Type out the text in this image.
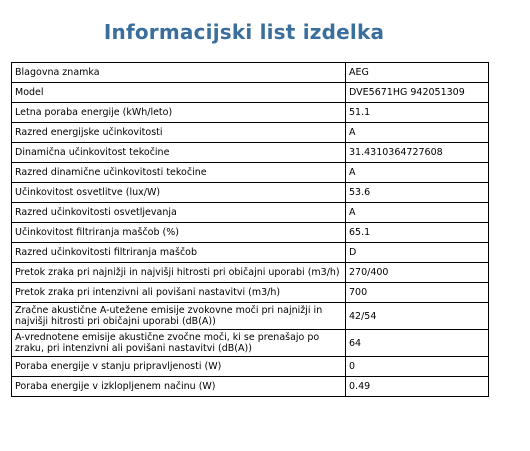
Informacijski list izdelka
Blagovna znamka	AEG
Model	DVE5671HG 942051309
Letna poraba energije (kWh/leto)	51.1
Razred energijske učinkovitosti	A
Dinamična učinkovitost tekočine	31.4310364727608
Razred dinamične učinkovitosti tekočine	A
Učinkovitost osvetlitve (lux/W)	53.6
Razred učinkovitosti osvetljevanja	A
Učinkovitost filtriranja maščob (%)	65.1
Razred učinkovitosti filtriranja maščob	D
Pretok zraka pri najnižji in najvišji hitrosti pri običajni uporabi (m3/h)	270/400
Pretok zraka pri intenzivni ali povišani nastavitvi (m3/h)	700
Zračne akustične A-utežene emisije zvokovne moči pri najnižji in najvišji hitrosti pri običajni uporabi (dB(A))	42/54
A-vrednotene emisije akustične zvočne moči, ki se prenašajo po zraku, pri intenzivni ali povišani nastavitvi (dB(A))	64
Poraba energije v stanju pripravljenosti (W)	0
Poraba energije v izklopljenem načinu (W)	0.49
